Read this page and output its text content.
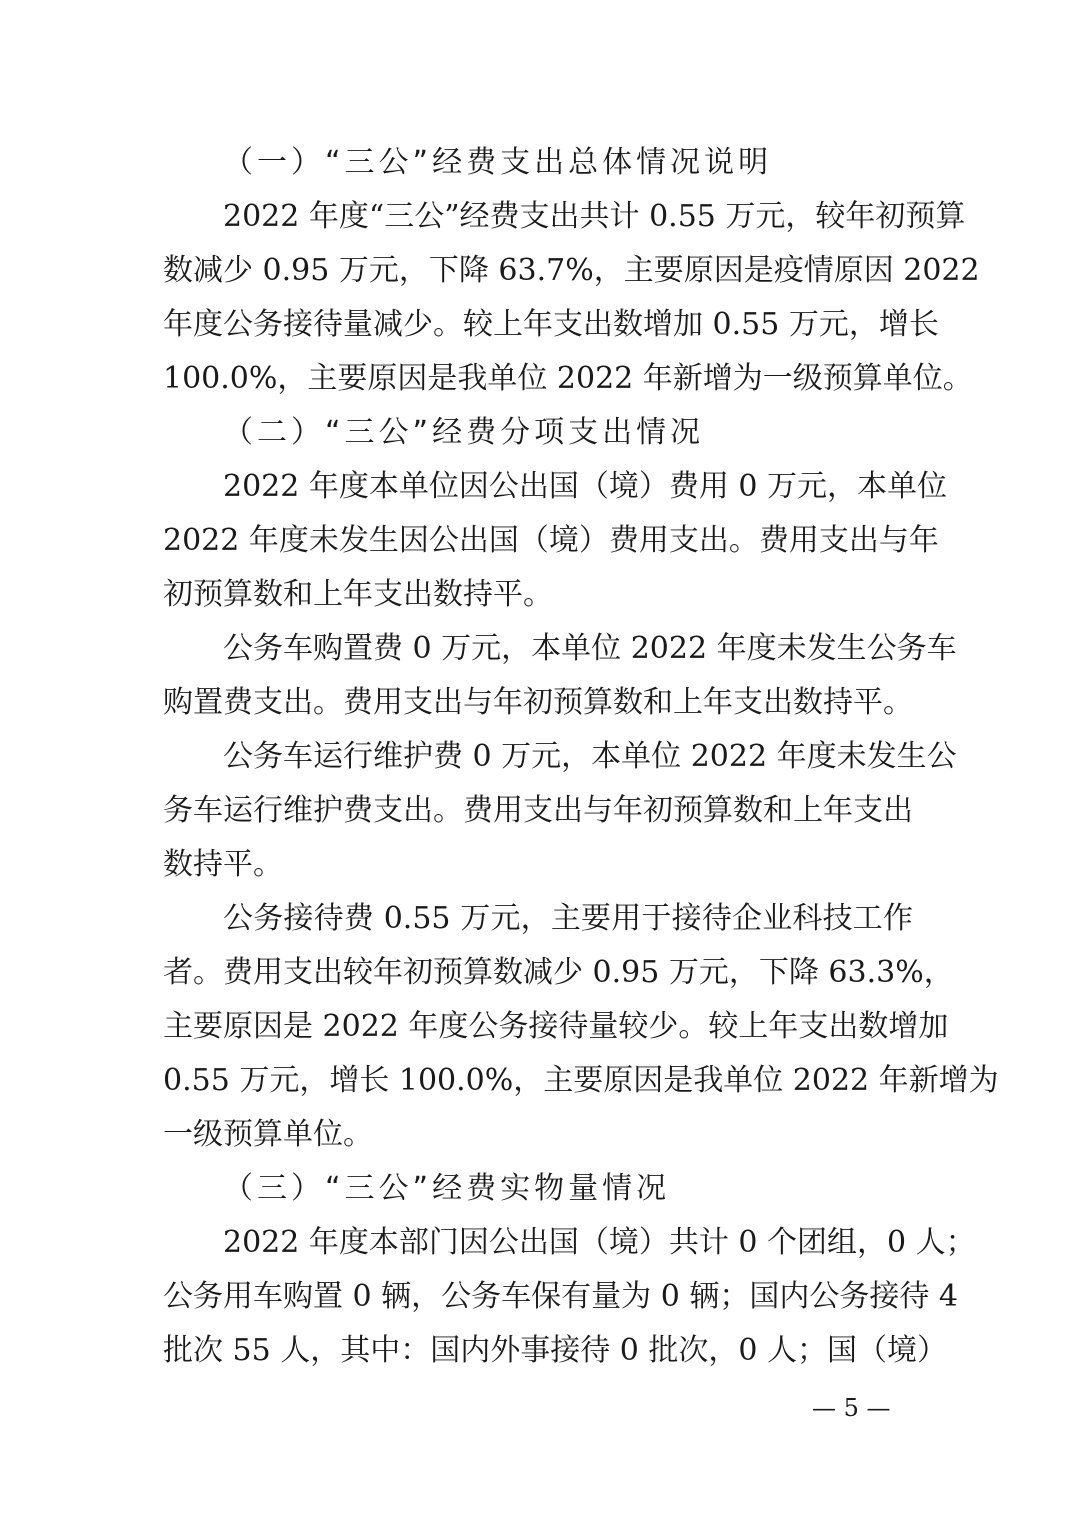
（一）“三公”经费支出总体情况说明
2022 年度“三公”经费支出共计 0.55 万元，较年初预算
数减少 0.95 万元，下降 63.7%，主要原因是疫情原因 2022
年度公务接待量减少。较上年支出数增加 0.55 万元，增长
100.0%，主要原因是我单位 2022 年新增为一级预算单位。
（二）“三公”经费分项支出情况
2022 年度本单位因公出国（境）费用 0 万元，本单位
2022 年度未发生因公出国（境）费用支出。费用支出与年
初预算数和上年支出数持平。
公务车购置费 0 万元，本单位 2022 年度未发生公务车
购置费支出。费用支出与年初预算数和上年支出数持平。
公务车运行维护费 0 万元，本单位 2022 年度未发生公
务车运行维护费支出。费用支出与年初预算数和上年支出
数持平。
公务接待费 0.55 万元，主要用于接待企业科技工作
者。费用支出较年初预算数减少 0.95 万元，下降 63.3%，
主要原因是 2022 年度公务接待量较少。较上年支出数增加
0.55 万元，增长 100.0%，主要原因是我单位 2022 年新增为
一级预算单位。
（三）“三公”经费实物量情况
2022 年度本部门因公出国（境）共计 0 个团组，0 人；
公务用车购置 0 辆，公务车保有量为 0 辆；国内公务接待 4
批次 55 人，其中：国内外事接待 0 批次，0 人；国（境）
— 5 —
